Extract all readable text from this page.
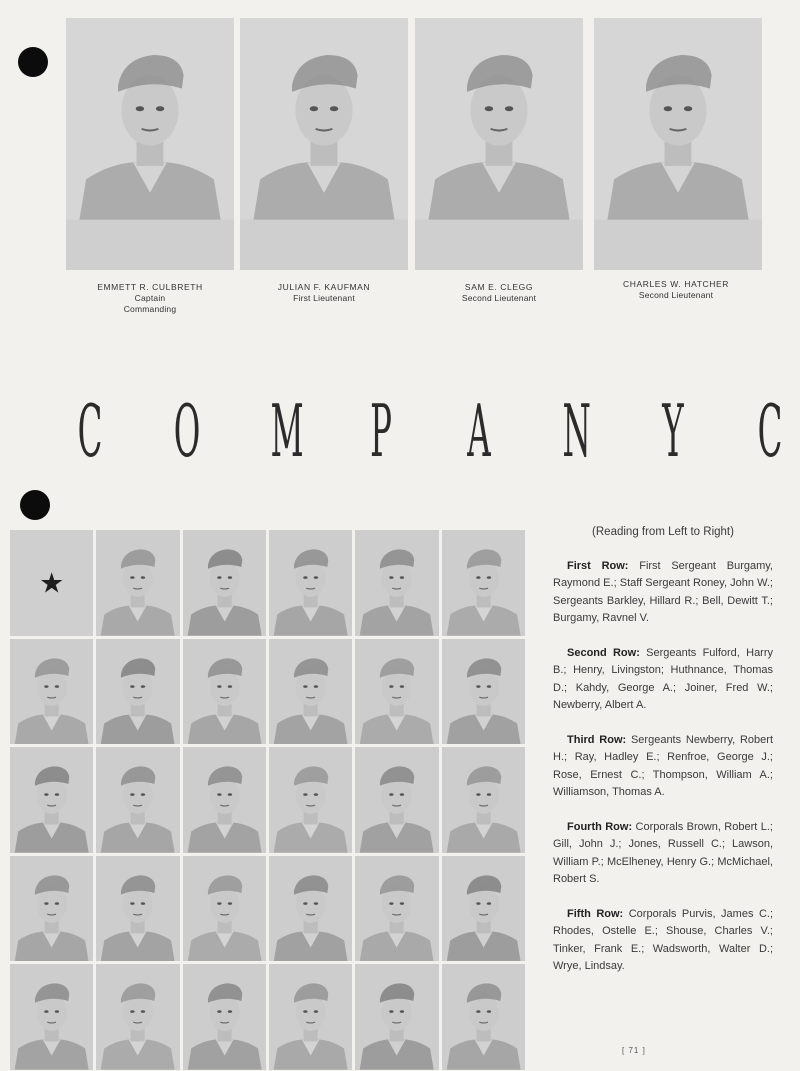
EMMETT R. CULBRETH
Captain
Commanding
JULIAN F. KAUFMAN
First Lieutenant
SAM E. CLEGG
Second Lieutenant
CHARLES W. HATCHER
Second Lieutenant
C O M P A N Y C
★
(Reading from Left to Right)

First Row: First Sergeant Burgamy, Raymond E.; Staff Sergeant Roney, John W.; Sergeants Barkley, Hillard R.; Bell, Dewitt T.; Burgamy, Ravnel V.

Second Row: Sergeants Fulford, Harry B.; Henry, Livingston; Huthnance, Thomas D.; Kahdy, George A.; Joiner, Fred W.; Newberry, Albert A.

Third Row: Sergeants Newberry, Robert H.; Ray, Hadley E.; Renfroe, George J.; Rose, Ernest C.; Thompson, William A.; Williamson, Thomas A.

Fourth Row: Corporals Brown, Robert L.; Gill, John J.; Jones, Russell C.; Lawson, William P.; McElheney, Henry G.; McMichael, Robert S.

Fifth Row: Corporals Purvis, James C.; Rhodes, Ostelle E.; Shouse, Charles V.; Tinker, Frank E.; Wadsworth, Walter D.; Wrye, Lindsay.

[ 71 ]
